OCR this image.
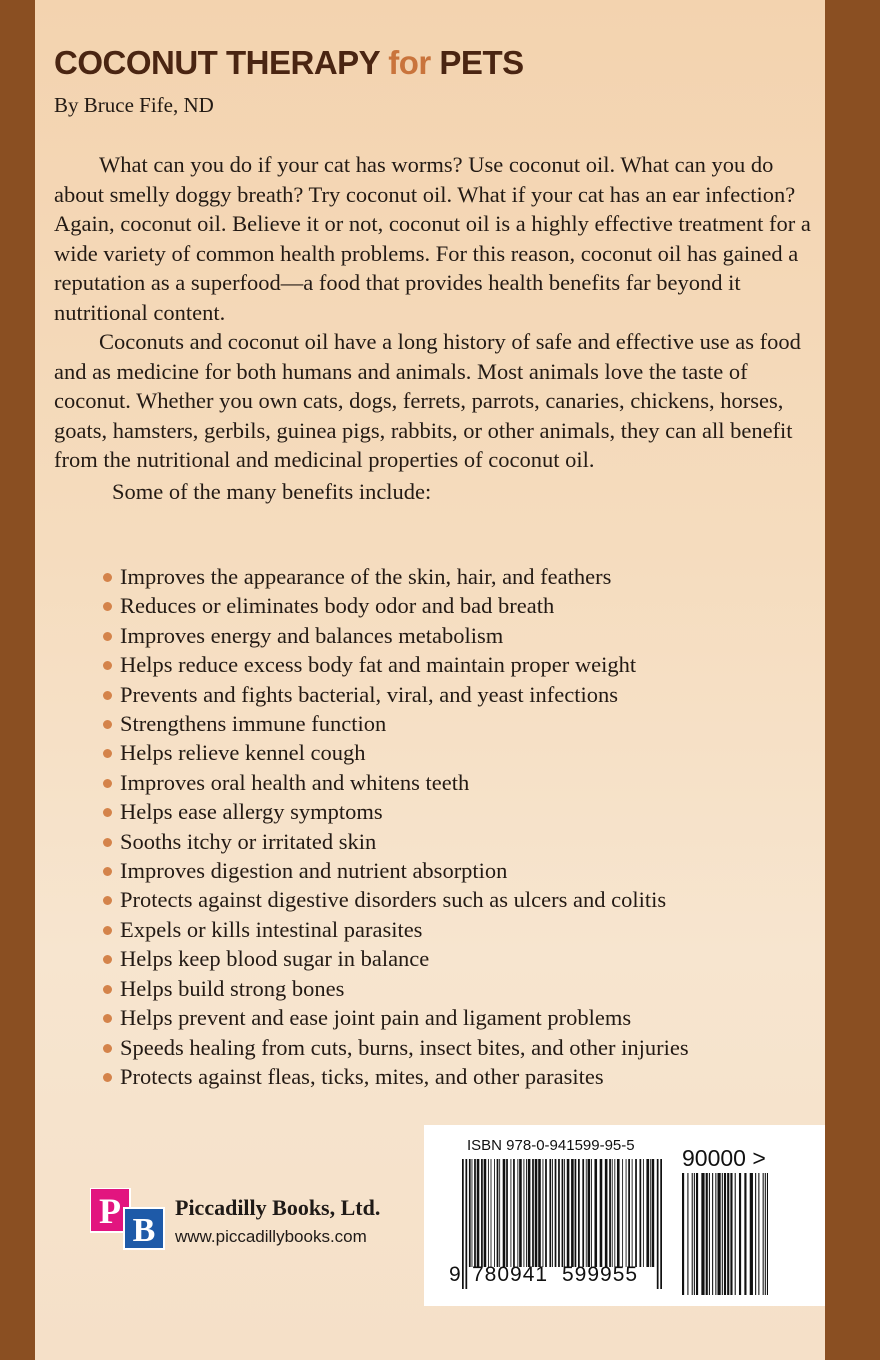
COCONUT THERAPY for PETS
By Bruce Fife, ND

What can you do if your cat has worms? Use coconut oil. What can you do about smelly doggy breath? Try coconut oil. What if your cat has an ear infection? Again, coconut oil. Believe it or not, coconut oil is a highly effective treatment for a wide variety of common health problems. For this reason, coconut oil has gained a reputation as a superfood—a food that provides health benefits far beyond it nutritional content.

Coconuts and coconut oil have a long history of safe and effective use as food and as medicine for both humans and animals. Most animals love the taste of coconut. Whether you own cats, dogs, ferrets, parrots, canaries, chickens, horses, goats, hamsters, gerbils, guinea pigs, rabbits, or other animals, they can all benefit from the nutritional and medicinal properties of coconut oil.

Some of the many benefits include:

Improves the appearance of the skin, hair, and feathers
Reduces or eliminates body odor and bad breath
Improves energy and balances metabolism
Helps reduce excess body fat and maintain proper weight
Prevents and fights bacterial, viral, and yeast infections
Strengthens immune function
Helps relieve kennel cough
Improves oral health and whitens teeth
Helps ease allergy symptoms
Sooths itchy or irritated skin
Improves digestion and nutrient absorption
Protects against digestive disorders such as ulcers and colitis
Expels or kills intestinal parasites
Helps keep blood sugar in balance
Helps build strong bones
Helps prevent and ease joint pain and ligament problems
Speeds healing from cuts, burns, insect bites, and other injuries
Protects against fleas, ticks, mites, and other parasites
P B
Piccadilly Books, Ltd.
www.piccadillybooks.com
ISBN 978-0-941599-95-5 90000 >
9 780941 599955
